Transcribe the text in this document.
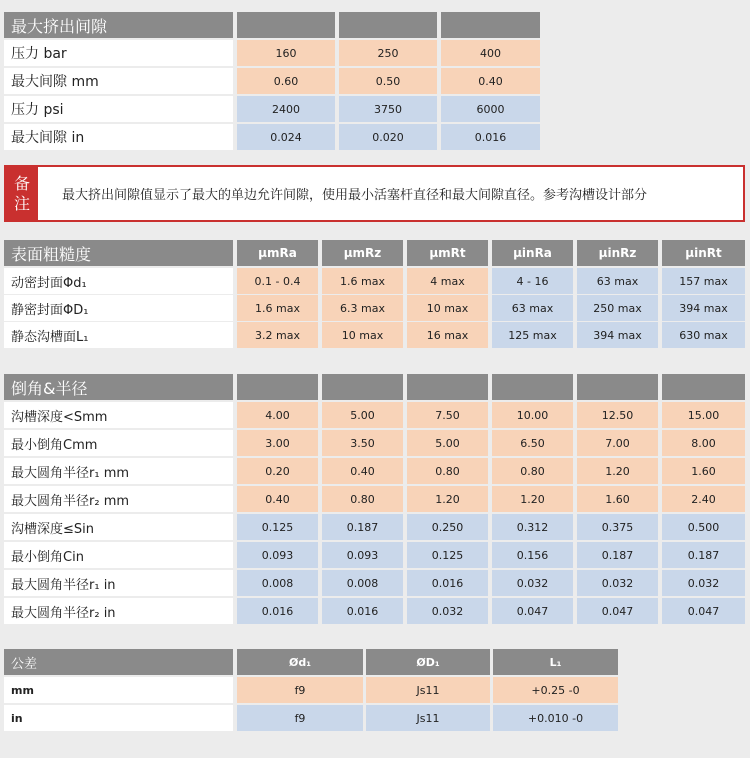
最大挤出间隙
压力 bar	160	250	400
最大间隙 mm	0.60	0.50	0.40
压力 psi	2400	3750	6000
最大间隙 in	0.024	0.020	0.016
备
注 最大挤出间隙值显示了最大的单边允许间隙，使用最小活塞杆直径和最大间隙直径。参考沟槽设计部分
表面粗糙度	μmRa	μmRz	μmRt	μinRa	μinRz	μinRt
动密封面Φd₁	0.1 - 0.4	1.6 max	4 max	4 - 16	63 max	157 max
静密封面ΦD₁	1.6 max	6.3 max	10 max	63 max	250 max	394 max
静态沟槽面L₁	3.2 max	10 max	16 max	125 max	394 max	630 max
倒角&半径
沟槽深度<Smm	4.00	5.00	7.50	10.00	12.50	15.00
最小倒角Cmm	3.00	3.50	5.00	6.50	7.00	8.00
最大圆角半径r₁ mm	0.20	0.40	0.80	0.80	1.20	1.60
最大圆角半径r₂ mm	0.40	0.80	1.20	1.20	1.60	2.40
沟槽深度≤Sin	0.125	0.187	0.250	0.312	0.375	0.500
最小倒角Cin	0.093	0.093	0.125	0.156	0.187	0.187
最大圆角半径r₁ in	0.008	0.008	0.016	0.032	0.032	0.032
最大圆角半径r₂ in	0.016	0.016	0.032	0.047	0.047	0.047
公差	Ød₁	ØD₁	L₁
mm	f9	Js11	+0.25 -0
in	f9	Js11	+0.010 -0
